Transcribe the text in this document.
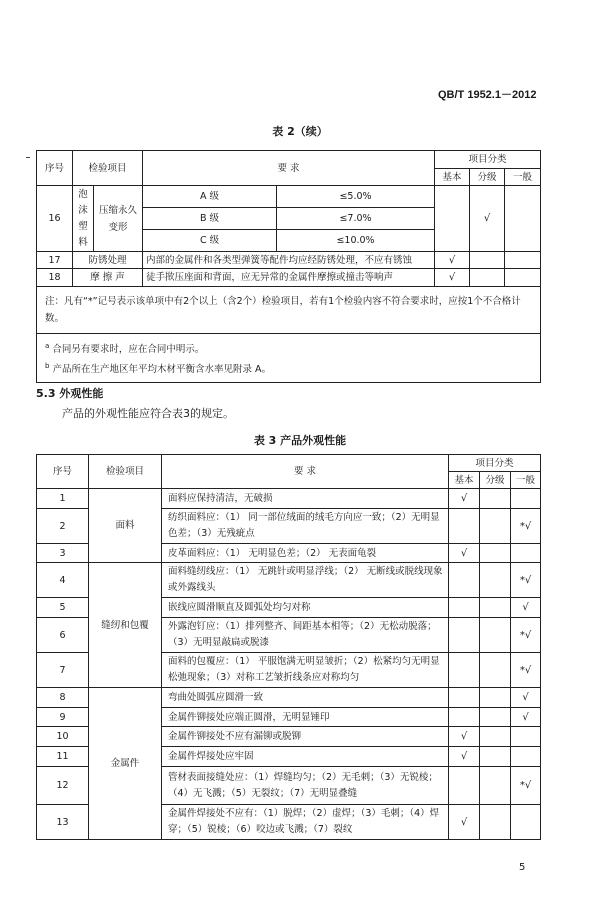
QB/T 1952.1－2012
表 2（续）
序号	检验项目		要 求		项目分类		
					基本	分级	一般
16	泡
沫
塑
料	压缩永久变形	A 级	≤5.0%		√	
			B 级	≤7.0%			
			C 级	≤10.0%			
17	防锈处理		内部的金属件和各类型弹簧等配件均应经防锈处理，不应有锈蚀		√		
18	摩 擦 声		徒手揿压座面和背面，应无异常的金属件摩擦或撞击等响声		√		
注：凡有“*”记号表示该单项中有2个以上（含2个）检验项目，若有1个检验内容不符合要求时，应按1个不合格计数。							

$^a$ 合同另有要求时，应在合同中明示。
$^b$ 产品所在生产地区年平均木材平衡含水率见附录 A。							
5.3 外观性能
产品的外观性能应符合表3的规定。
表 3 产品外观性能
序号	检验项目	要 求	项目分类		
			基本	分级	一般
1	面料	面料应保持清洁，无破损	√		
2		纺织面料应：（1） 同一部位绒面的绒毛方向应一致；（2）无明显色差；（3）无残疵点			*√
3		皮革面料应：（1） 无明显色差；（2） 无表面龟裂	√		
4	缝纫和包覆	面料缝纫线应：（1） 无跳针或明显浮线；（2） 无断线或脱线现象或外露线头			*√
5		嵌线应圆滑顺直及圆弧处均匀对称			√
6		外露泡钉应：（1）排列整齐、间距基本相等；（2）无松动脱落；（3）无明显敲扁或脱漆			*√
7		面料的包覆应：（1） 平服饱满无明显皱折；（2）松紧均匀无明显松弛现象；（3）对称工艺皱折线条应对称均匀			*√
8	金属件	弯曲处圆弧应圆滑一致			√
9		金属件铆接处应端正圆滑，无明显锤印			√
10		金属件铆接处不应有漏铆或脱铆	√		
11		金属件焊接处应牢固	√		
12		管材表面接缝处应：（1）焊缝均匀；（2）无毛刺；（3）无锐棱；（4）无飞溅；（5）无裂纹；（7）无明显叠缝			*√
13		金属件焊接处不应有：（1）脱焊；（2）虚焊；（3）毛刺；（4）焊穿；（5）锐棱；（6）咬边或飞溅；（7）裂纹	√		
5
